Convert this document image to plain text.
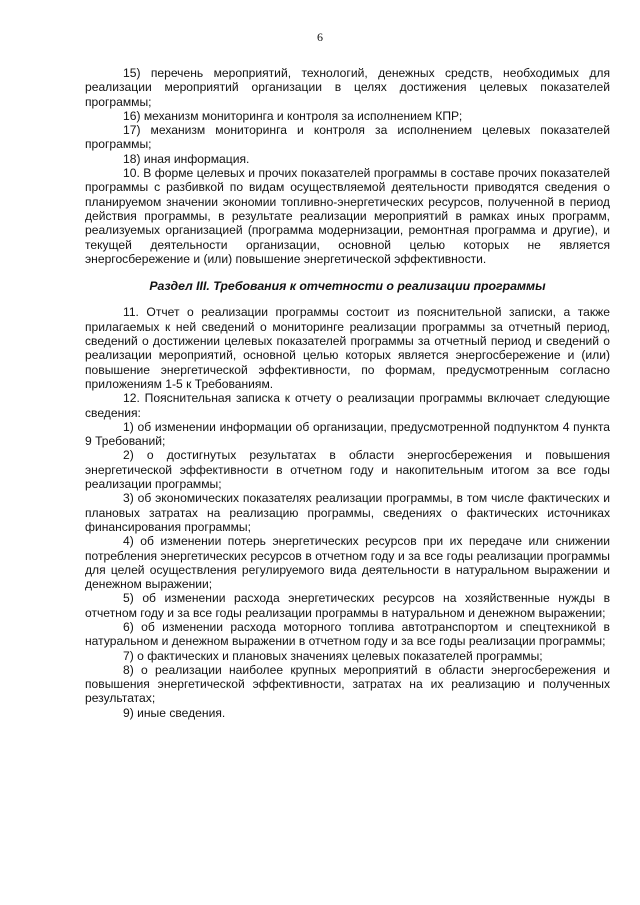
6

15) перечень мероприятий, технологий, денежных средств, необходимых для реализации мероприятий организации в целях достижения целевых показателей программы;

16) механизм мониторинга и контроля за исполнением КПР;

17) механизм мониторинга и контроля за исполнением целевых показателей программы;

18) иная информация.

10. В форме целевых и прочих показателей программы в составе прочих показателей программы с разбивкой по видам осуществляемой деятельности приводятся сведения о планируемом значении экономии топливно-энергетических ресурсов, полученной в период действия программы, в результате реализации мероприятий в рамках иных программ, реализуемых организацией (программа модернизации, ремонтная программа и другие), и текущей деятельности организации, основной целью которых не является энергосбережение и (или) повышение энергетической эффективности.

Раздел III. Требования к отчетности о реализации программы

11. Отчет о реализации программы состоит из пояснительной записки, а также прилагаемых к ней сведений о мониторинге реализации программы за отчетный период, сведений о достижении целевых показателей программы за отчетный период и сведений о реализации мероприятий, основной целью которых является энергосбережение и (или) повышение энергетической эффективности, по формам, предусмотренным согласно приложениям 1-5 к Требованиям.

12. Пояснительная записка к отчету о реализации программы включает следующие сведения:

1) об изменении информации об организации, предусмотренной подпунктом 4 пункта 9 Требований;

2) о достигнутых результатах в области энергосбережения и повышения энергетической эффективности в отчетном году и накопительным итогом за все годы реализации программы;

3) об экономических показателях реализации программы, в том числе фактических и плановых затратах на реализацию программы, сведениях о фактических источниках финансирования программы;

4) об изменении потерь энергетических ресурсов при их передаче или снижении потребления энергетических ресурсов в отчетном году и за все годы реализации программы для целей осуществления регулируемого вида деятельности в натуральном выражении и денежном выражении;

5) об изменении расхода энергетических ресурсов на хозяйственные нужды в отчетном году и за все годы реализации программы в натуральном и денежном выражении;

6) об изменении расхода моторного топлива автотранспортом и спецтехникой в натуральном и денежном выражении в отчетном году и за все годы реализации программы;

7) о фактических и плановых значениях целевых показателей программы;

8) о реализации наиболее крупных мероприятий в области энергосбережения и повышения энергетической эффективности, затратах на их реализацию и полученных результатах;

9) иные сведения.
